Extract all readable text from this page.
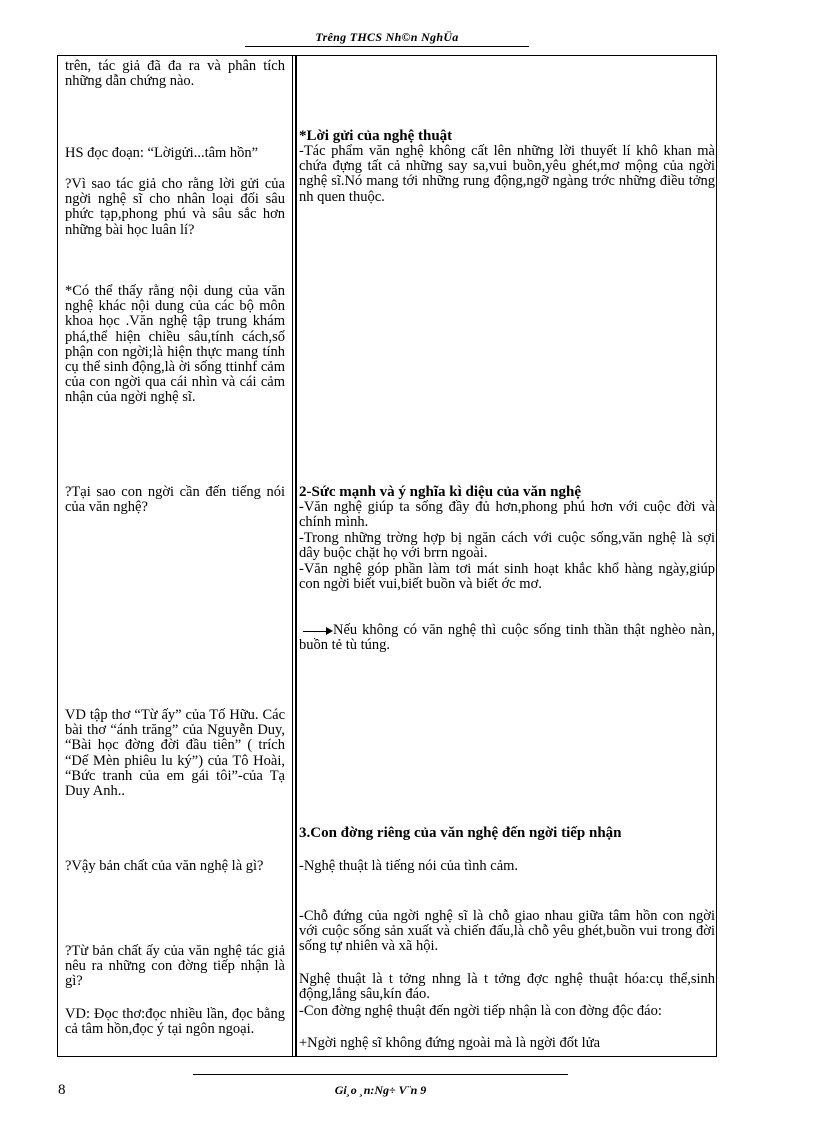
Trêng THCS Nh©n NghÜa

trên, tác giả đã đa ra và phân tích những dẫn chứng nào.

HS đọc đoạn: “Lờigửi...tâm hồn”

?Vì sao tác giả cho rằng lời gửi của ngời nghệ sĩ cho nhân loại đối sâu phức tạp,phong phú và sâu sắc hơn những bài học luân lí?

*Có thể thấy rằng nội dung của văn nghệ khác nội dung của các bộ môn khoa học .Văn nghệ tập trung khám phá,thể hiện chiều sâu,tính cách,số phận con ngời;là hiện thực mang tính cụ thể sinh động,là ời sống ttinhf cảm của con ngời qua cái nhìn và cái cảm nhận của ngời nghệ sĩ.

?Tại sao con ngời cần đến tiếng nói của văn nghệ?

VD tập thơ “Từ ấy” của Tố Hữu. Các bài thơ “ánh trăng” của Nguyễn Duy, “Bài học đờng đời đầu tiên” ( trích “Dế Mèn phiêu lu ký”) của Tô Hoài, “Bức tranh của em gái tôi”-của Tạ Duy Anh..

?Vậy bản chất của văn nghệ là gì?

?Từ bản chất ấy của văn nghệ tác giả nêu ra những con đờng tiếp nhận là gì?

VD: Đọc thơ:đọc nhiều lần, đọc bằng cả tâm hồn,đọc ý tại ngôn ngoại.

*Lời gửi của nghệ thuật

-Tác phẩm văn nghệ không cất lên những lời thuyết lí khô khan mà chứa đựng tất cả những say sa,vui buồn,yêu ghét,mơ mộng của ngời nghệ sĩ.Nó mang tới những rung động,ngỡ ngàng trớc những điều tởng nh quen thuộc.

2-Sức mạnh và ý nghĩa kì diệu của văn nghệ

-Văn nghệ giúp ta sống đầy đủ hơn,phong phú hơn với cuộc đời và chính mình.

-Trong những trờng hợp bị ngăn cách với cuộc sống,văn nghệ là sợi dây buộc chặt họ với brrn ngoài.

-Văn nghệ góp phần làm tơi mát sinh hoạt khắc khổ hàng ngày,giúp con ngời biết vui,biết buồn và biết ớc mơ.

Nếu không có văn nghệ thì cuộc sống tinh thần thật nghèo nàn, buồn tẻ tù túng.

3.Con đờng riêng của văn nghệ đến ngời tiếp nhận

-Nghệ thuật là tiếng nói của tình cảm.

-Chỗ đứng của ngời nghệ sĩ là chỗ giao nhau giữa tâm hồn con ngời với cuộc sống sản xuất và chiến đấu,là chỗ yêu ghét,buồn vui trong đời sống tự nhiên và xã hội.

Nghệ thuật là t tởng nhng là t tởng đợc nghệ thuật hóa:cụ thể,sinh động,lắng sâu,kín đáo.

-Con đờng nghệ thuật đến ngời tiếp nhận là con đờng độc đáo:

+Ngời nghệ sĩ không đứng ngoài mà là ngời đốt lửa

8	Gi¸o ¸n:Ng÷ V¨n 9
